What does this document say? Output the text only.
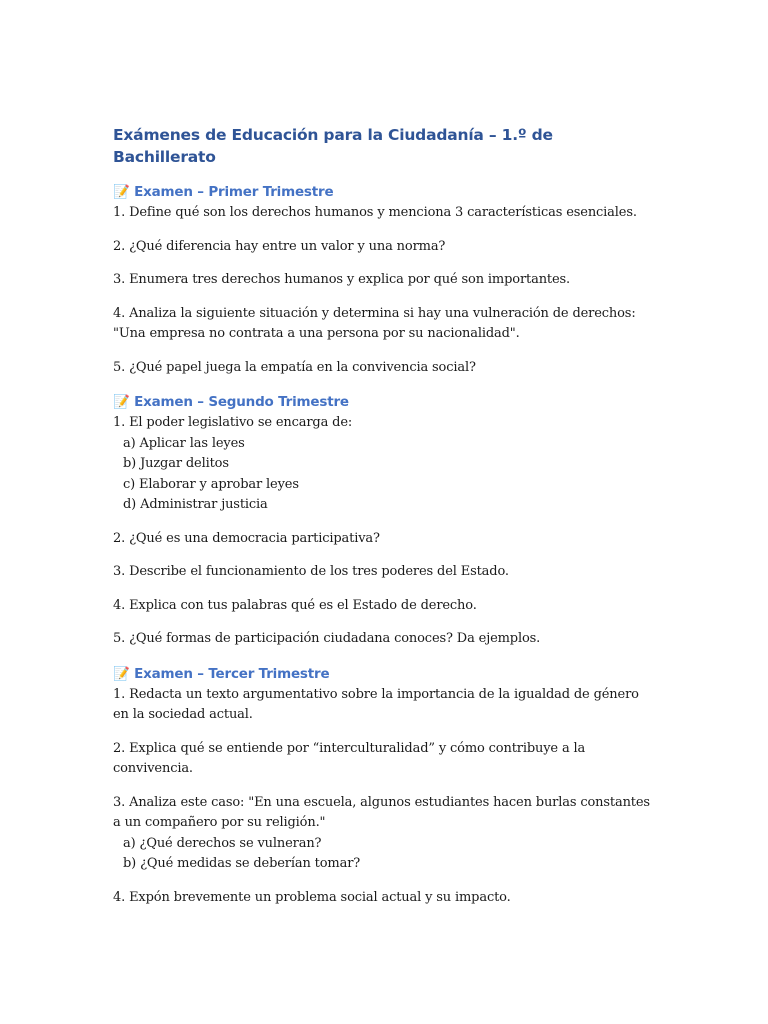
Exámenes de Educación para la Ciudadanía – 1.º de Bachillerato
📝 Examen – Primer Trimestre

1. Define qué son los derechos humanos y menciona 3 características esenciales.

2. ¿Qué diferencia hay entre un valor y una norma?

3. Enumera tres derechos humanos y explica por qué son importantes.

4. Analiza la siguiente situación y determina si hay una vulneración de derechos:
"Una empresa no contrata a una persona por su nacionalidad".

5. ¿Qué papel juega la empatía en la convivencia social?

📝 Examen – Segundo Trimestre

1. El poder legislativo se encarga de:
a) Aplicar las leyes
b) Juzgar delitos
c) Elaborar y aprobar leyes
d) Administrar justicia

2. ¿Qué es una democracia participativa?

3. Describe el funcionamiento de los tres poderes del Estado.

4. Explica con tus palabras qué es el Estado de derecho.

5. ¿Qué formas de participación ciudadana conoces? Da ejemplos.

📝 Examen – Tercer Trimestre

1. Redacta un texto argumentativo sobre la importancia de la igualdad de género en la sociedad actual.

2. Explica qué se entiende por “interculturalidad” y cómo contribuye a la convivencia.

3. Analiza este caso: "En una escuela, algunos estudiantes hacen burlas constantes a un compañero por su religión."
a) ¿Qué derechos se vulneran?
b) ¿Qué medidas se deberían tomar?

4. Expón brevemente un problema social actual y su impacto.
